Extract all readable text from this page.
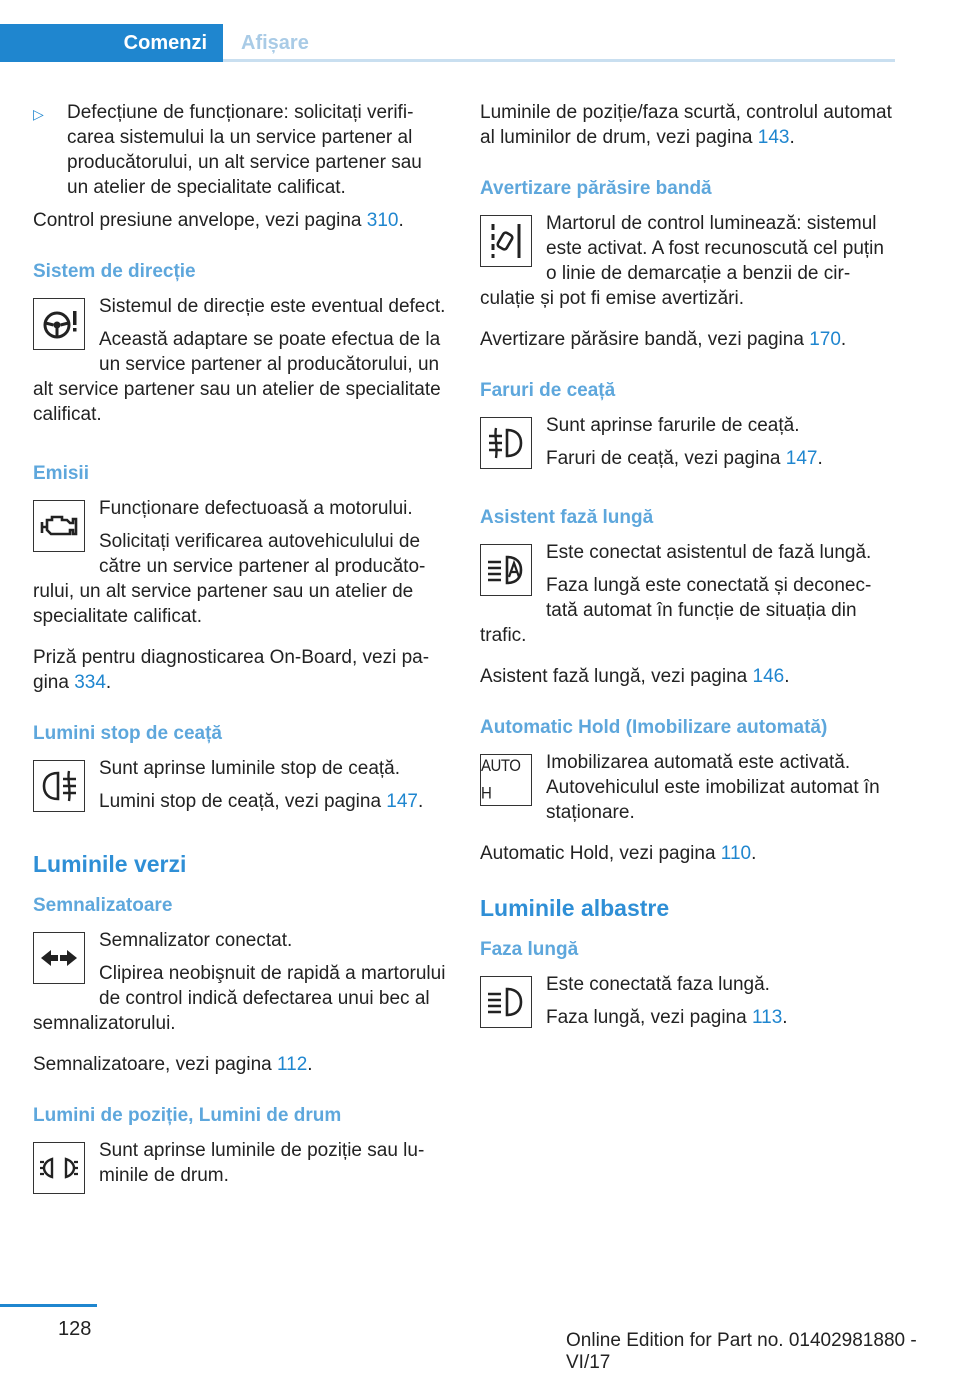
Comenzi	Afișare
▷ Defecțiune de funcționare: solicitați verificarea sistemului la un service partener al producătorului, un alt service partener sau un atelier de specialitate calificat.

Control presiune anvelope, vezi pagina 310.

Sistem de direcție

Sistemul de direcție este eventual defect.

Această adaptare se poate efectua de la un service partener al producătorului, un alt service partener sau un atelier de specialitate calificat.

Emisii

Funcționare defectuoasă a motorului.

Solicitați verificarea autovehiculului de către un service partener al producătorului, un alt service partener sau un atelier de specialitate calificat.

Priză pentru diagnosticarea On-Board, vezi pagina 334.

Lumini stop de ceață

Sunt aprinse luminile stop de ceață.

Lumini stop de ceață, vezi pagina 147.

Luminile verzi
Semnalizatoare

Semnalizator conectat.

Clipirea neobişnuit de rapidă a martorului de control indică defectarea unui bec al semnalizatorului.

Semnalizatoare, vezi pagina 112.

Lumini de poziție, Lumini de drum

Sunt aprinse luminile de poziție sau luminile de drum.

Luminile de poziție/faza scurtă, controlul automat al luminilor de drum, vezi pagina 143.

Avertizare părăsire bandă

Martorul de control luminează: sistemul este activat. A fost recunoscută cel puțin o linie de demarcație a benzii de circulație și pot fi emise avertizări.

Avertizare părăsire bandă, vezi pagina 170.

Faruri de ceață

Sunt aprinse farurile de ceață.

Faruri de ceață, vezi pagina 147.

Asistent fază lungă

Este conectat asistentul de fază lungă.

Faza lungă este conectată și deconectată automat în funcție de situația din trafic.

Asistent fază lungă, vezi pagina 146.

Automatic Hold (Imobilizare automată)
AUTO H

Imobilizarea automată este activată. Autovehiculul este imobilizat automat în staționare.

Automatic Hold, vezi pagina 110.

Luminile albastre
Faza lungă

Este conectată faza lungă.

Faza lungă, vezi pagina 113.

128
Online Edition for Part no. 01402981880 - VI/17
